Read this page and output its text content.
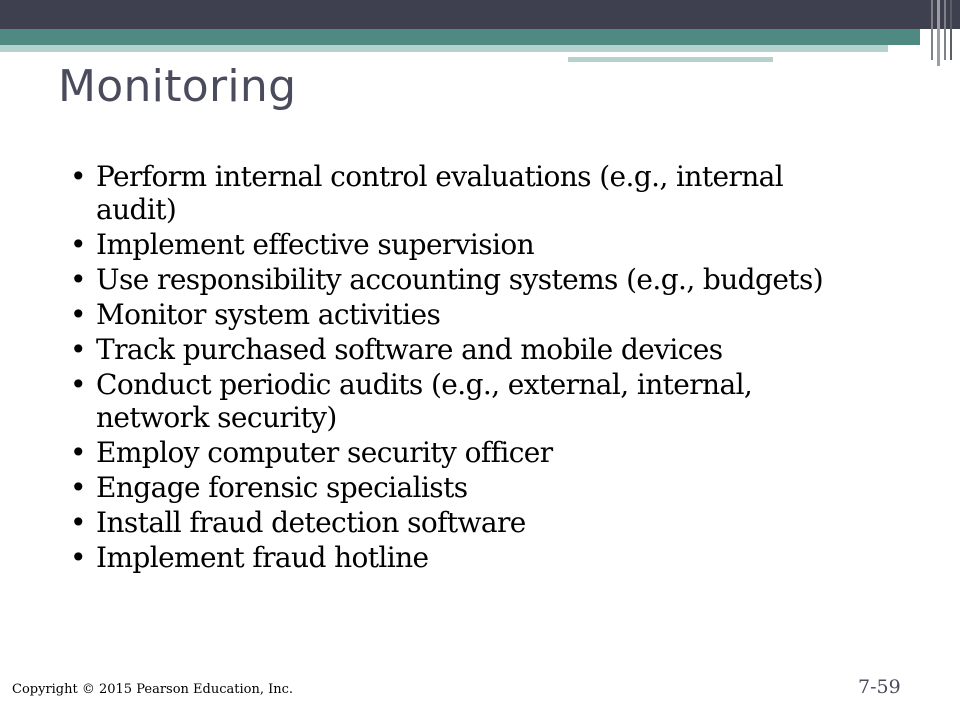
Monitoring
• Perform internal control evaluations (e.g., internal audit)
• Implement effective supervision
• Use responsibility accounting systems (e.g., budgets)
• Monitor system activities
• Track purchased software and mobile devices
• Conduct periodic audits (e.g., external, internal, network security)
• Employ computer security officer
• Engage forensic specialists
• Install fraud detection software
• Implement fraud hotline
Copyright © 2015 Pearson Education, Inc.	7-59
